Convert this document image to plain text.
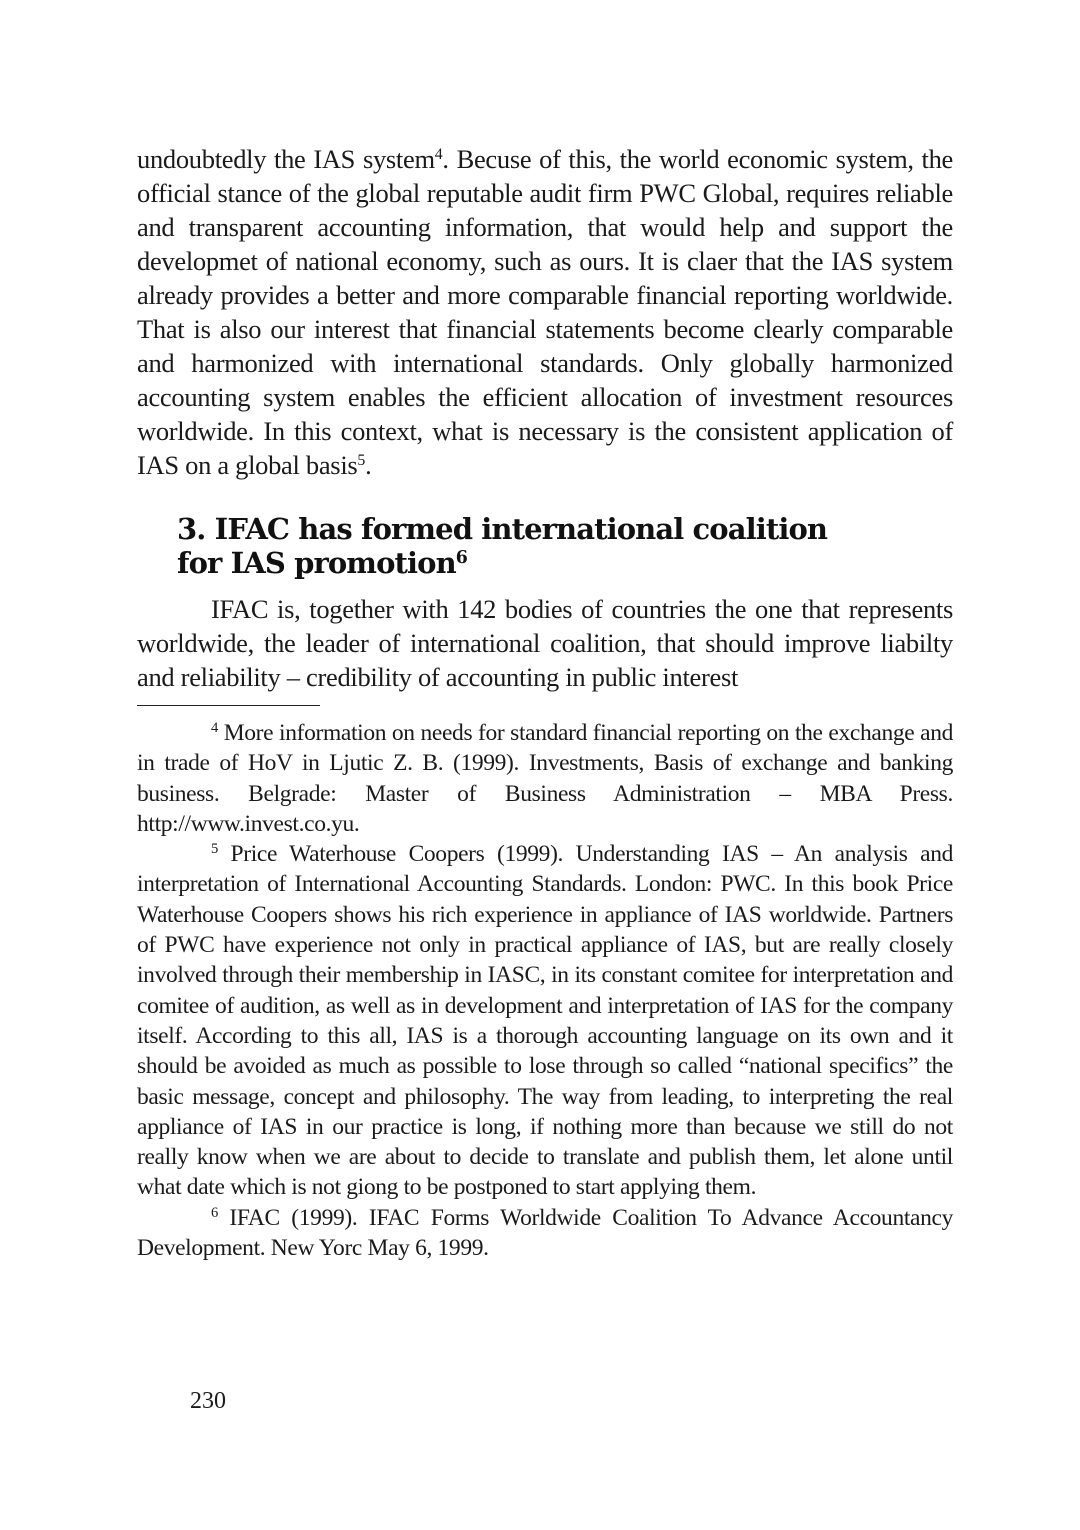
undoubtedly the IAS system$^4$. Becuse of this, the world economic system, the official stance of the global reputable audit firm PWC Global, requires reliable and transparent accounting information, that would help and support the developmet of national economy, such as ours. It is claer that the IAS system already provides a better and more comparable financial reporting worldwide. That is also our interest that financial statements become clearly comparable and harmonized with international standards. Only globally harmonized accounting system enables the efficient allocation of investment resources worldwide. In this context, what is necessary is the consistent application of IAS on a global basis$^5$.

3. IFAC has formed international coalition
for IAS promotion$^6$

IFAC is, together with 142 bodies of countries the one that represents worldwide, the leader of international coalition, that should improve liabilty and reliability – credibility of accounting in public interest

$^4$ More information on needs for standard financial reporting on the exchange and in trade of HoV in Ljutic Z. B. (1999). Investments, Basis of exchange and banking business. Belgrade: Master of Business Administration – MBA Press. http://www.invest.co.yu.

$^5$ Price Waterhouse Coopers (1999). Understanding IAS – An analysis and interpretation of International Accounting Standards. London: PWC. In this book Price Waterhouse Coopers shows his rich experience in appliance of IAS worldwide. Partners of PWC have experience not only in practical appliance of IAS, but are really closely involved through their membership in IASC, in its constant comitee for interpretation and comitee of audition, as well as in development and interpretation of IAS for the company itself. According to this all, IAS is a thorough accounting language on its own and it should be avoided as much as possible to lose through so called “national specifics” the basic message, concept and philosophy. The way from leading, to interpreting the real appliance of IAS in our practice is long, if nothing more than because we still do not really know when we are about to decide to translate and publish them, let alone until what date which is not giong to be postponed to start applying them.

$^6$ IFAC (1999). IFAC Forms Worldwide Coalition To Advance Accountancy Development. New Yorc May 6, 1999.

230
